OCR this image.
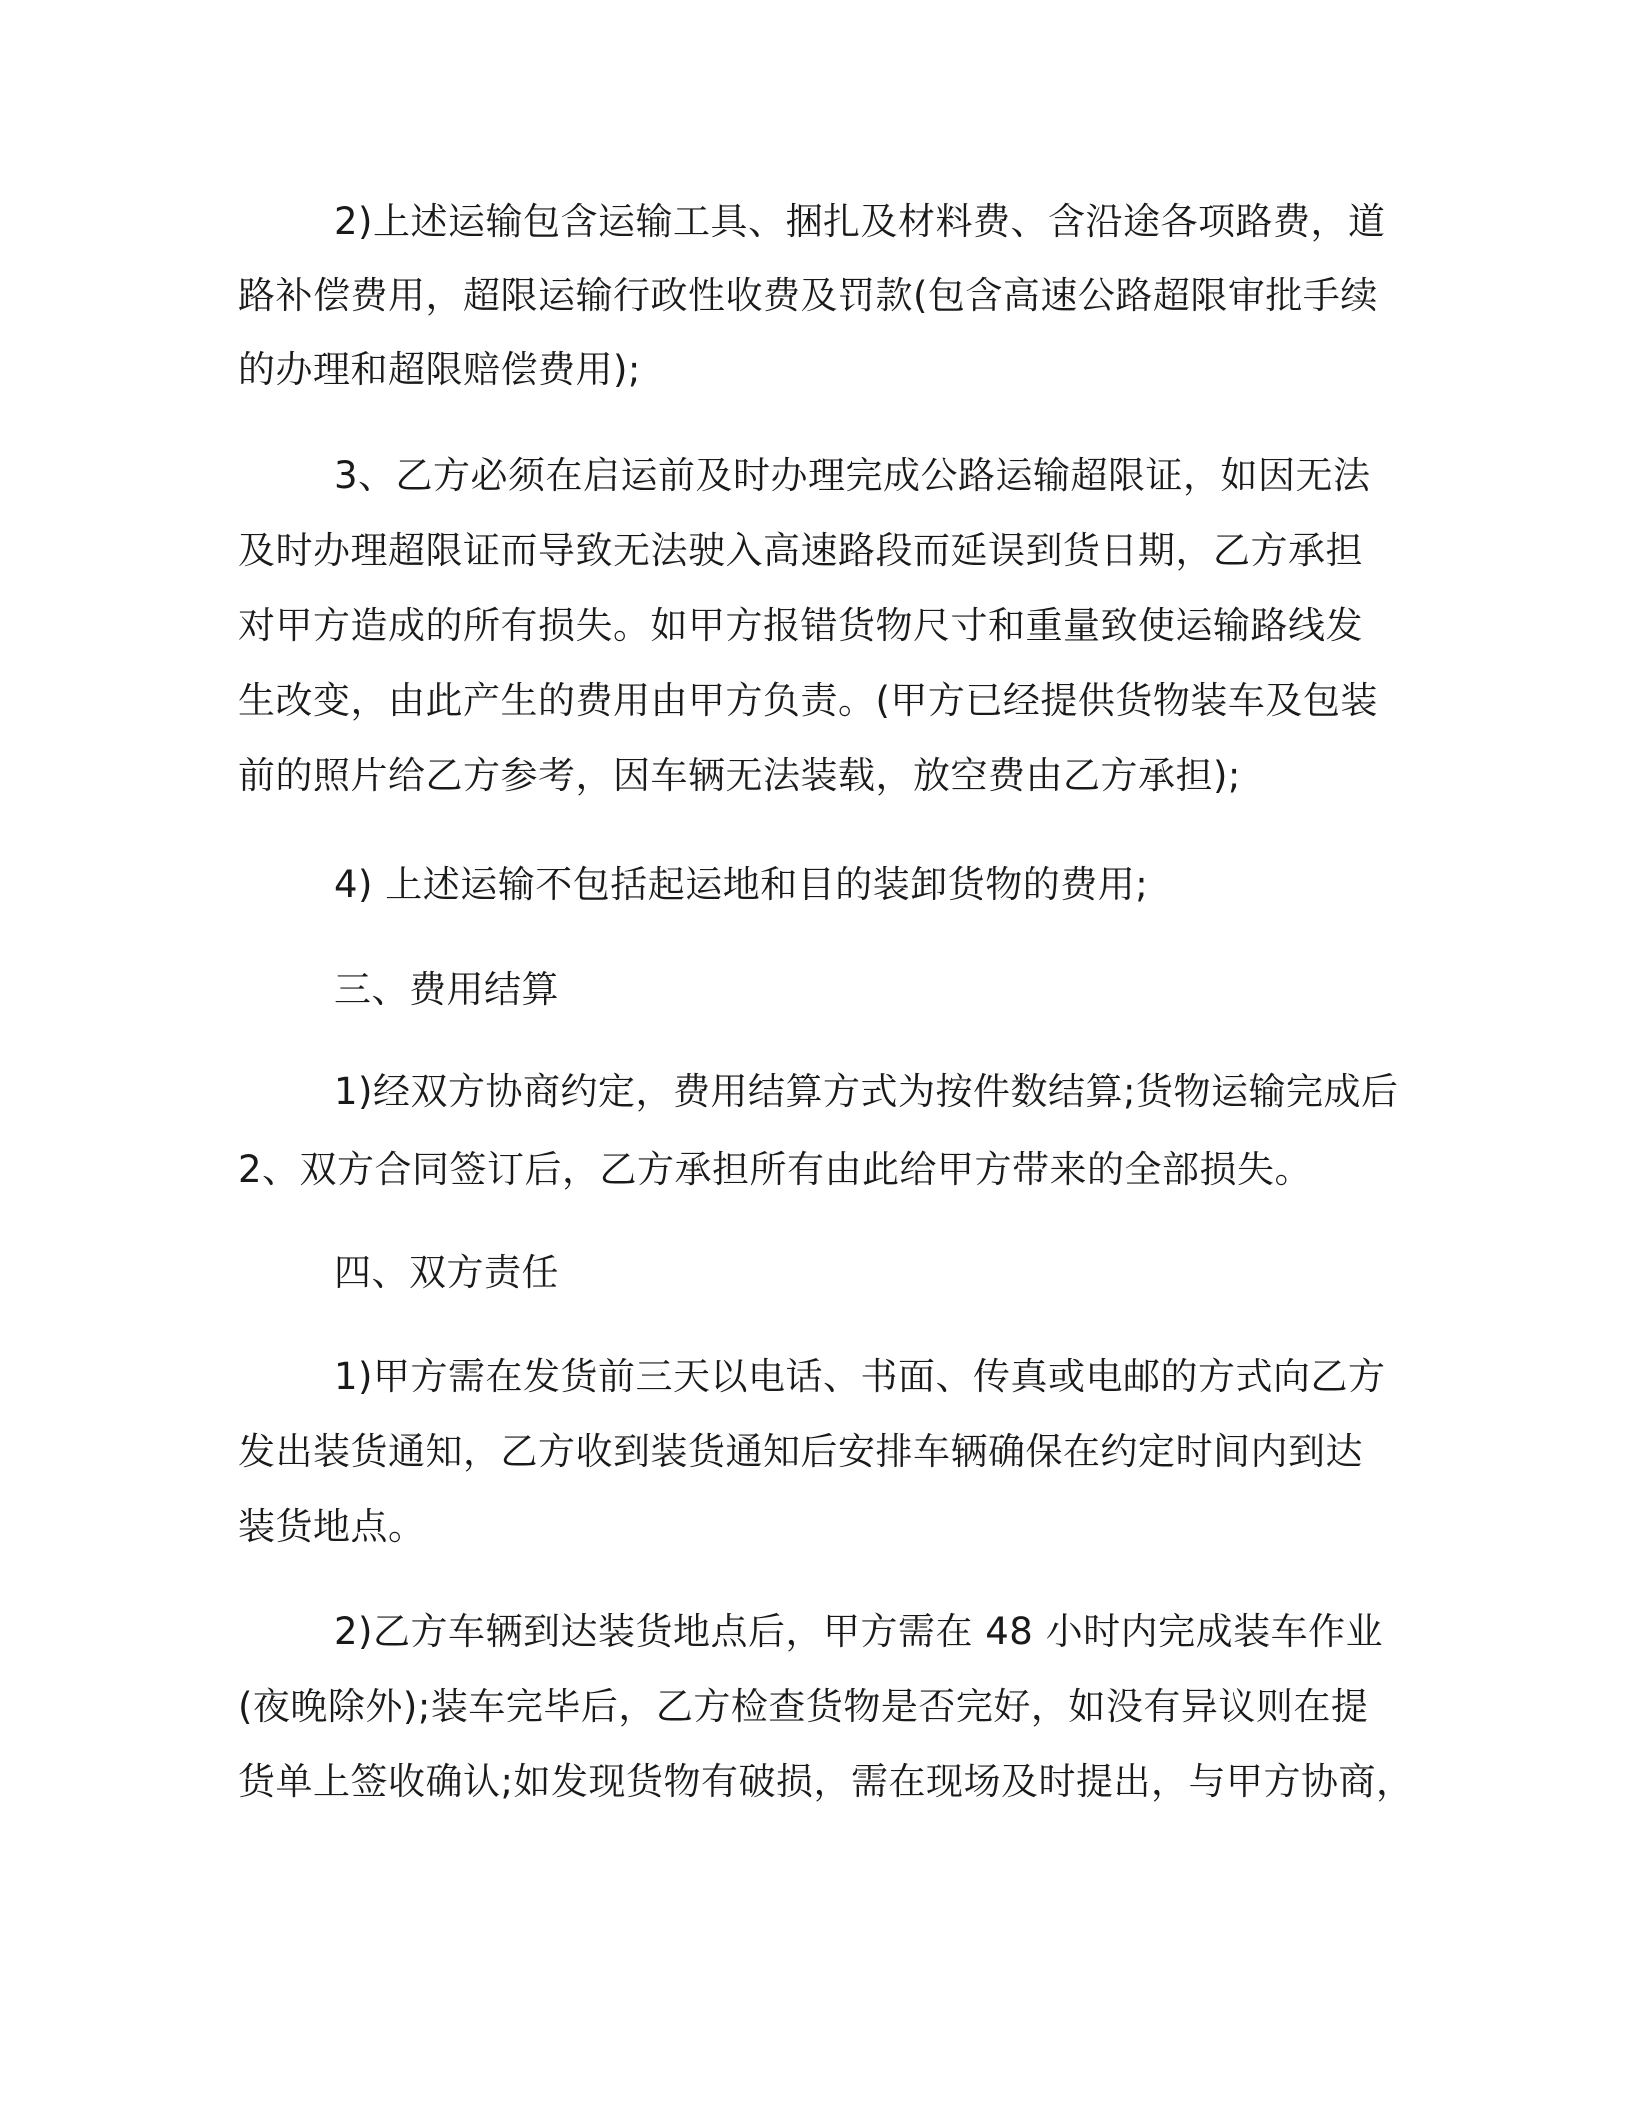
2)上述运输包含运输工具、捆扎及材料费、含沿途各项路费，道
路补偿费用，超限运输行政性收费及罚款(包含高速公路超限审批手续
的办理和超限赔偿费用);
3、乙方必须在启运前及时办理完成公路运输超限证，如因无法
及时办理超限证而导致无法驶入高速路段而延误到货日期，乙方承担
对甲方造成的所有损失。如甲方报错货物尺寸和重量致使运输路线发
生改变，由此产生的费用由甲方负责。(甲方已经提供货物装车及包装
前的照片给乙方参考，因车辆无法装载，放空费由乙方承担);
4) 上述运输不包括起运地和目的装卸货物的费用;
三、费用结算
1)经双方协商约定，费用结算方式为按件数结算;货物运输完成后
2、双方合同签订后，乙方承担所有由此给甲方带来的全部损失。
四、双方责任
1)甲方需在发货前三天以电话、书面、传真或电邮的方式向乙方
发出装货通知，乙方收到装货通知后安排车辆确保在约定时间内到达
装货地点。
2)乙方车辆到达装货地点后，甲方需在 48 小时内完成装车作业
(夜晚除外);装车完毕后，乙方检查货物是否完好，如没有异议则在提
货单上签收确认;如发现货物有破损，需在现场及时提出，与甲方协商，
